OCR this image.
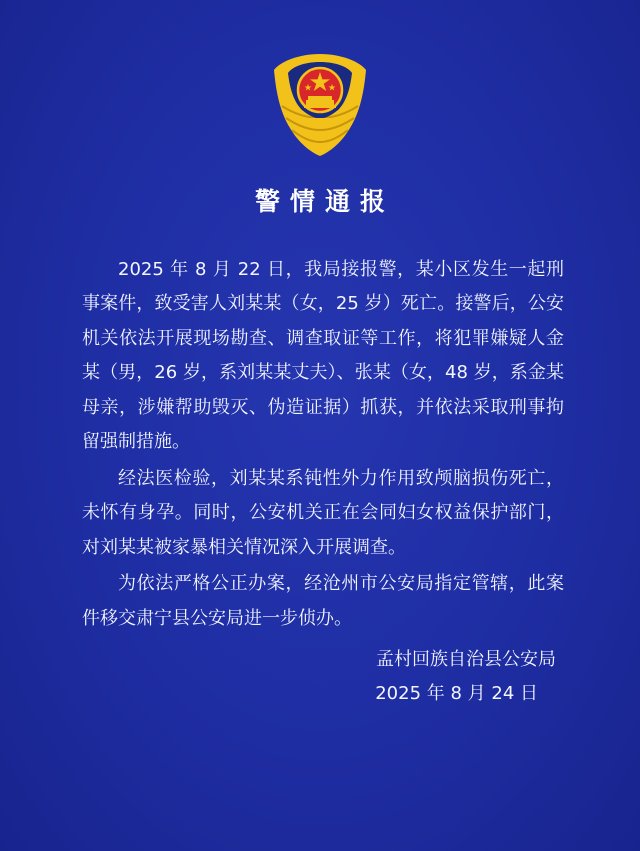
警情通报

2025 年 8 月 22 日，我局接报警，某小区发生一起刑事案件，致受害人刘某某（女，25 岁）死亡。接警后，公安机关依法开展现场勘查、调查取证等工作，将犯罪嫌疑人金某（男，26 岁，系刘某某丈夫）、张某（女，48 岁，系金某母亲，涉嫌帮助毁灭、伪造证据）抓获，并依法采取刑事拘留强制措施。

经法医检验，刘某某系钝性外力作用致颅脑损伤死亡，未怀有身孕。同时，公安机关正在会同妇女权益保护部门，对刘某某被家暴相关情况深入开展调查。

为依法严格公正办案，经沧州市公安局指定管辖，此案件移交肃宁县公安局进一步侦办。

孟村回族自治县公安局
2025 年 8 月 24 日
